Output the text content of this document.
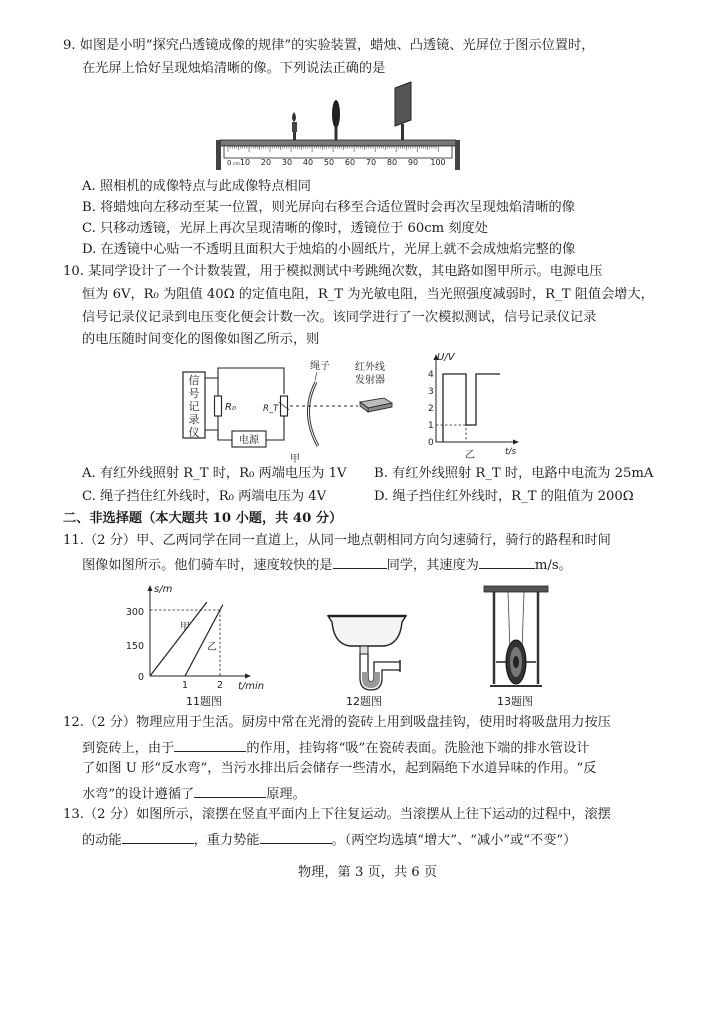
9. 如图是小明“探究凸透镜成像的规律”的实验装置，蜡烛、凸透镜、光屏位于图示位置时，
在光屏上恰好呈现烛焰清晰的像。下列说法正确的是
0 cm 10 20 30 40 50 60 70 80 90 100
A. 照相机的成像特点与此成像特点相同
B. 将蜡烛向左移动至某一位置，则光屏向右移至合适位置时会再次呈现烛焰清晰的像
C. 只移动透镜，光屏上再次呈现清晰的像时，透镜位于 60cm 刻度处
D. 在透镜中心贴一不透明且面积大于烛焰的小圆纸片，光屏上就不会成烛焰完整的像
10. 某同学设计了一个计数装置，用于模拟测试中考跳绳次数，其电路如图甲所示。电源电压
恒为 6V，R₀ 为阻值 40Ω 的定值电阻，R_T 为光敏电阻，当光照强度减弱时，R_T 阻值会增大，
信号记录仪记录到电压变化便会计数一次。该同学进行了一次模拟测试，信号记录仪记录
的电压随时间变化的图像如图乙所示，则
信
号
记
录
仪
R₀	R_T
电源
绳子	红外线
发射器
甲
U/V
t/s
4
3
2
1
0
乙
A. 有红外线照射 R_T 时，R₀ 两端电压为 1V B. 有红外线照射 R_T 时，电路中电流为 25mA
C. 绳子挡住红外线时，R₀ 两端电压为 4V	D. 绳子挡住红外线时，R_T 的阻值为 200Ω
二、非选择题（本大题共 10 小题，共 40 分）
11.（2 分）甲、乙两同学在同一直道上，从同一地点朝相同方向匀速骑行，骑行的路程和时间
图像如图所示。他们骑车时，速度较快的是	同学，其速度为	m/s。
s/m
t/min
300
150
0
1	2
甲
乙
11题图	12题图	13题图
12.（2 分）物理应用于生活。厨房中常在光滑的瓷砖上用到吸盘挂钩，使用时将吸盘用力按压
到瓷砖上，由于	的作用，挂钩将“吸”在瓷砖表面。洗脸池下端的排水管设计
了如图 U 形“反水弯”，当污水排出后会储存一些清水，起到隔绝下水道异味的作用。“反
水弯”的设计遵循了	原理。
13.（2 分）如图所示，滚摆在竖直平面内上下往复运动。当滚摆从上往下运动的过程中，滚摆
的动能	，重力势能	。（两空均选填“增大”、“减小”或“不变”）
物理，第 3 页，共 6 页
